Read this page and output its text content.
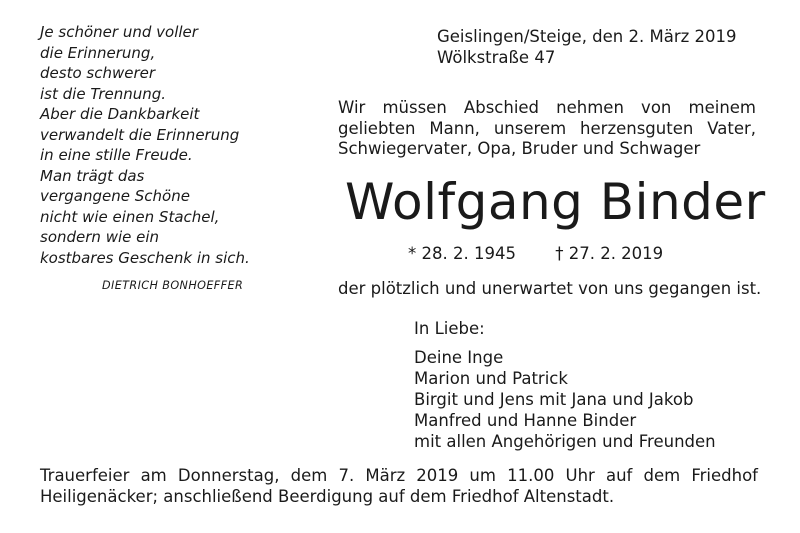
Je schöner und voller
die Erinnerung,
desto schwerer
ist die Trennung.
Aber die Dankbarkeit
verwandelt die Erinnerung
in eine stille Freude.
Man trägt das
vergangene Schöne
nicht wie einen Stachel,
sondern wie ein
kostbares Geschenk in sich.
DIETRICH BONHOEFFER
Geislingen/Steige, den 2. März 2019
Wölkstraße 47
Wir müssen Abschied nehmen von meinem
geliebten Mann, unserem herzensguten Vater,
Schwiegervater, Opa, Bruder und Schwager
Wolfgang Binder
* 28. 2. 1945 † 27. 2. 2019
der plötzlich und unerwartet von uns gegangen ist.
In Liebe:
Deine Inge
Marion und Patrick
Birgit und Jens mit Jana und Jakob
Manfred und Hanne Binder
mit allen Angehörigen und Freunden
Trauerfeier am Donnerstag, dem 7. März 2019 um 11.00 Uhr auf dem Friedhof
Heiligenäcker; anschließend Beerdigung auf dem Friedhof Altenstadt.
